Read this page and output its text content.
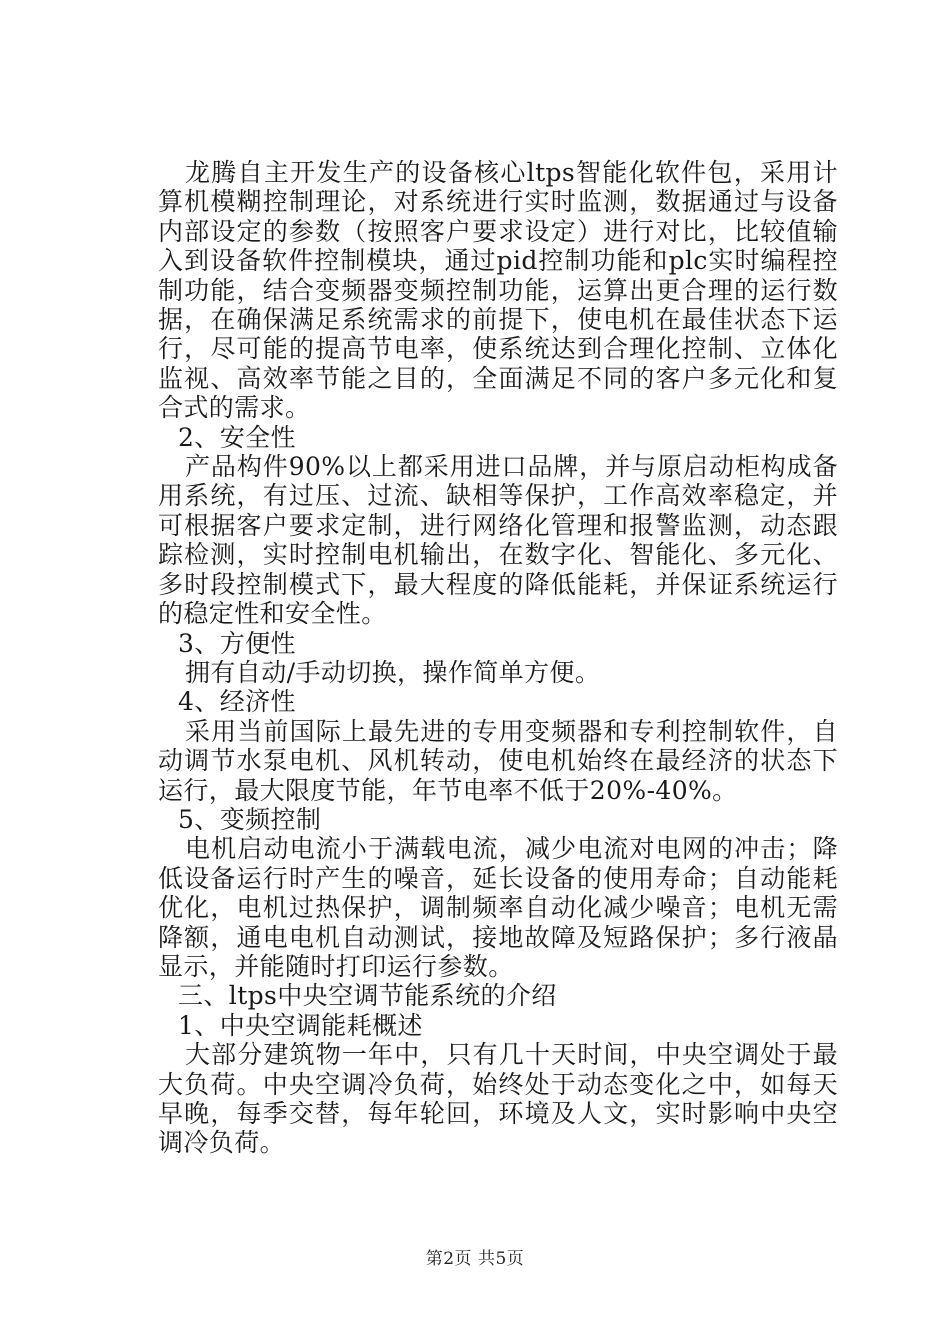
龙腾自主开发生产的设备核心ltps智能化软件包，采用计算机模糊控制理论，对系统进行实时监测，数据通过与设备内部设定的参数（按照客户要求设定）进行对比，比较值输入到设备软件控制模块，通过pid控制功能和plc实时编程控制功能，结合变频器变频控制功能，运算出更合理的运行数据，在确保满足系统需求的前提下，使电机在最佳状态下运行，尽可能的提高节电率，使系统达到合理化控制、立体化监视、高效率节能之目的，全面满足不同的客户多元化和复合式的需求。

2、安全性

产品构件90%以上都采用进口品牌，并与原启动柜构成备用系统，有过压、过流、缺相等保护，工作高效率稳定，并可根据客户要求定制，进行网络化管理和报警监测，动态跟踪检测，实时控制电机输出，在数字化、智能化、多元化、多时段控制模式下，最大程度的降低能耗，并保证系统运行的稳定性和安全性。

3、方便性

拥有自动/手动切换，操作简单方便。

4、经济性

采用当前国际上最先进的专用变频器和专利控制软件，自动调节水泵电机、风机转动，使电机始终在最经济的状态下运行，最大限度节能，年节电率不低于20%-40%。

5、变频控制

电机启动电流小于满载电流，减少电流对电网的冲击；降低设备运行时产生的噪音，延长设备的使用寿命；自动能耗优化，电机过热保护，调制频率自动化减少噪音；电机无需降额，通电电机自动测试，接地故障及短路保护；多行液晶显示，并能随时打印运行参数。

三、ltps中央空调节能系统的介绍

1、中央空调能耗概述

大部分建筑物一年中，只有几十天时间，中央空调处于最大负荷。中央空调冷负荷，始终处于动态变化之中，如每天早晚，每季交替，每年轮回，环境及人文，实时影响中央空调冷负荷。

第2页 共5页
